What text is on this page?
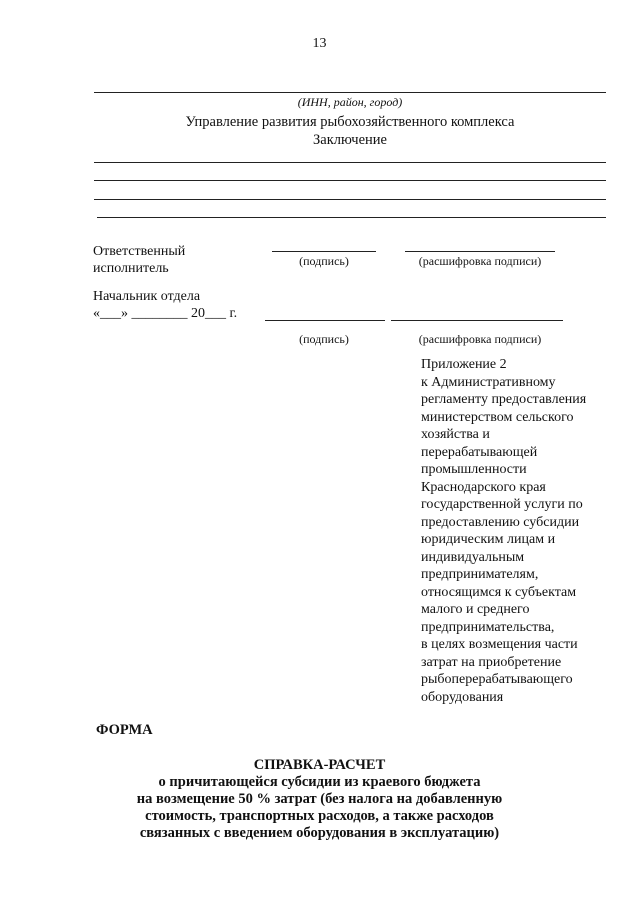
13
(ИНН, район, город)
Управление развития рыбохозяйственного комплекса
Заключение
Ответственный
исполнитель	(подпись)	(расшифровка подписи)
Начальник отдела
«___» ________ 20___ г.
(подпись)	(расшифровка подписи)
Приложение 2
к Административному
регламенту предоставления
министерством сельского
хозяйства и
перерабатывающей
промышленности
Краснодарского края
государственной услуги по
предоставлению субсидии
юридическим лицам и
индивидуальным
предпринимателям,
относящимся к субъектам
малого и среднего
предпринимательства,
в целях возмещения части
затрат на приобретение
рыбоперерабатывающего
оборудования
ФОРМА
СПРАВКА-РАСЧЕТ
о причитающейся субсидии из краевого бюджета
на возмещение 50 % затрат (без налога на добавленную
стоимость, транспортных расходов, а также расходов
связанных с введением оборудования в эксплуатацию)
